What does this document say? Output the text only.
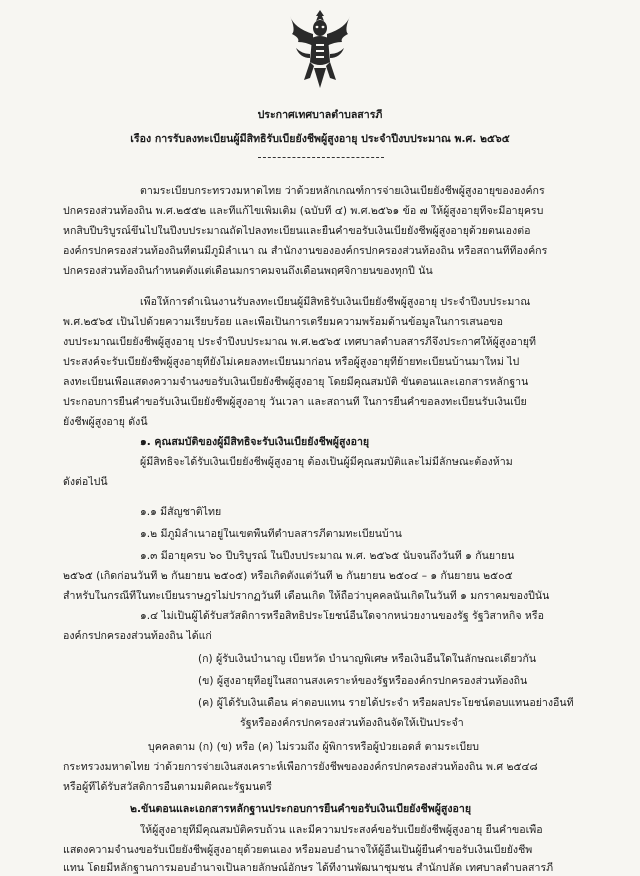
ประกาศเทศบาลตำบลสารภี
เรื่อง การรับลงทะเบียนผู้มีสิทธิรับเบี้ยยังชีพผู้สูงอายุ ประจำปีงบประมาณ พ.ศ. ๒๕๖๕
ตามระเบียบกระทรวงมหาดไทย ว่าด้วยหลักเกณฑ์การจ่ายเงินเบี้ยยังชีพผู้สูงอายุขององค์กร
ปกครองส่วนท้องถิ่น พ.ศ.๒๕๕๒ และที่แก้ไขเพิ่มเติม (ฉบับที่ ๔) พ.ศ.๒๕๖๑ ข้อ ๗ ให้ผู้สูงอายุที่จะมีอายุครบ
หกสิบปีบริบูรณ์ขึ้นไปในปีงบประมาณถัดไปลงทะเบียนและยื่นคำขอรับเงินเบี้ยยังชีพผู้สูงอายุด้วยตนเองต่อ
องค์กรปกครองส่วนท้องถิ่นที่ตนมีภูมิลำเนา ณ สำนักงานขององค์กรปกครองส่วนท้องถิ่น หรือสถานที่ที่องค์กร
ปกครองส่วนท้องถิ่นกำหนดตั้งแต่เดือนมกราคมจนถึงเดือนพฤศจิกายนของทุกปี นั้น
เพื่อให้การดำเนินงานรับลงทะเบียนผู้มีสิทธิรับเงินเบี้ยยังชีพผู้สูงอายุ ประจำปีงบประมาณ
พ.ศ.๒๕๖๕ เป็นไปด้วยความเรียบร้อย และเพื่อเป็นการเตรียมความพร้อมด้านข้อมูลในการเสนอขอ
งบประมาณเบี้ยยังชีพผู้สูงอายุ ประจำปีงบประมาณ พ.ศ.๒๕๖๕ เทศบาลตำบลสารภีจึงประกาศให้ผู้สูงอายุที่
ประสงค์จะรับเบี้ยยังชีพผู้สูงอายุที่ยังไม่เคยลงทะเบียนมาก่อน หรือผู้สูงอายุที่ย้ายทะเบียนบ้านมาใหม่ ไป
ลงทะเบียนเพื่อแสดงความจำนงขอรับเงินเบี้ยยังชีพผู้สูงอายุ โดยมีคุณสมบัติ ขั้นตอนและเอกสารหลักฐาน
ประกอบการยื่นคำขอรับเงินเบี้ยยังชีพผู้สูงอายุ วันเวลา และสถานที่ ในการยื่นคำขอลงทะเบียนรับเงินเบี้ย
ยังชีพผู้สูงอายุ ดังนี้
๑. คุณสมบัติของผู้มีสิทธิจะรับเงินเบี้ยยังชีพผู้สูงอายุ
ผู้มีสิทธิจะได้รับเงินเบี้ยยังชีพผู้สูงอายุ ต้องเป็นผู้มีคุณสมบัติและไม่มีลักษณะต้องห้าม
ดังต่อไปนี้
๑.๑ มีสัญชาติไทย
๑.๒ มีภูมิลำเนาอยู่ในเขตพื้นที่ตำบลสารภีตามทะเบียนบ้าน
๑.๓ มีอายุครบ ๖๐ ปีบริบูรณ์ ในปีงบประมาณ พ.ศ. ๒๕๖๕ นับจนถึงวันที่ ๑ กันยายน
๒๕๖๕ (เกิดก่อนวันที่ ๒ กันยายน ๒๕๐๕) หรือเกิดตั้งแต่วันที่ ๒ กันยายน ๒๕๐๔ – ๑ กันยายน ๒๕๐๕
สำหรับในกรณีที่ในทะเบียนราษฎรไม่ปรากฏวันที่ เดือนเกิด ให้ถือว่าบุคคลนั้นเกิดในวันที่ ๑ มกราคมของปีนั้น
๑.๔ ไม่เป็นผู้ได้รับสวัสดิการหรือสิทธิประโยชน์อื่นใดจากหน่วยงานของรัฐ รัฐวิสาหกิจ หรือ
องค์กรปกครองส่วนท้องถิ่น ได้แก่
(ก) ผู้รับเงินบำนาญ เบี้ยหวัด บำนาญพิเศษ หรือเงินอื่นใดในลักษณะเดียวกัน
(ข) ผู้สูงอายุที่อยู่ในสถานสงเคราะห์ของรัฐหรือองค์กรปกครองส่วนท้องถิ่น
(ค) ผู้ได้รับเงินเดือน ค่าตอบแทน รายได้ประจำ หรือผลประโยชน์ตอบแทนอย่างอื่นที่
รัฐหรือองค์กรปกครองส่วนท้องถิ่นจัดให้เป็นประจำ
บุคคลตาม (ก) (ข) หรือ (ค) ไม่รวมถึง ผู้พิการหรือผู้ป่วยเอดส์ ตามระเบียบ
กระทรวงมหาดไทย ว่าด้วยการจ่ายเงินสงเคราะห์เพื่อการยังชีพขององค์กรปกครองส่วนท้องถิ่น พ.ศ ๒๕๔๘
หรือผู้ที่ได้รับสวัสดิการอื่นตามมติคณะรัฐมนตรี
๒.ขั้นตอนและเอกสารหลักฐานประกอบการยื่นคำขอรับเงินเบี้ยยังชีพผู้สูงอายุ
ให้ผู้สูงอายุที่มีคุณสมบัติครบถ้วน และมีความประสงค์ขอรับเบี้ยยังชีพผู้สูงอายุ ยื่นคำขอเพื่อ
แสดงความจำนงขอรับเบี้ยยังชีพผู้สูงอายุด้วยตนเอง หรือมอบอำนาจให้ผู้อื่นเป็นผู้ยื่นคำขอรับเงินเบี้ยยังชีพ
แทน โดยมีหลักฐานการมอบอำนาจเป็นลายลักษณ์อักษร ได้ที่งานพัฒนาชุมชน สำนักปลัด เทศบาลตำบลสารภี
